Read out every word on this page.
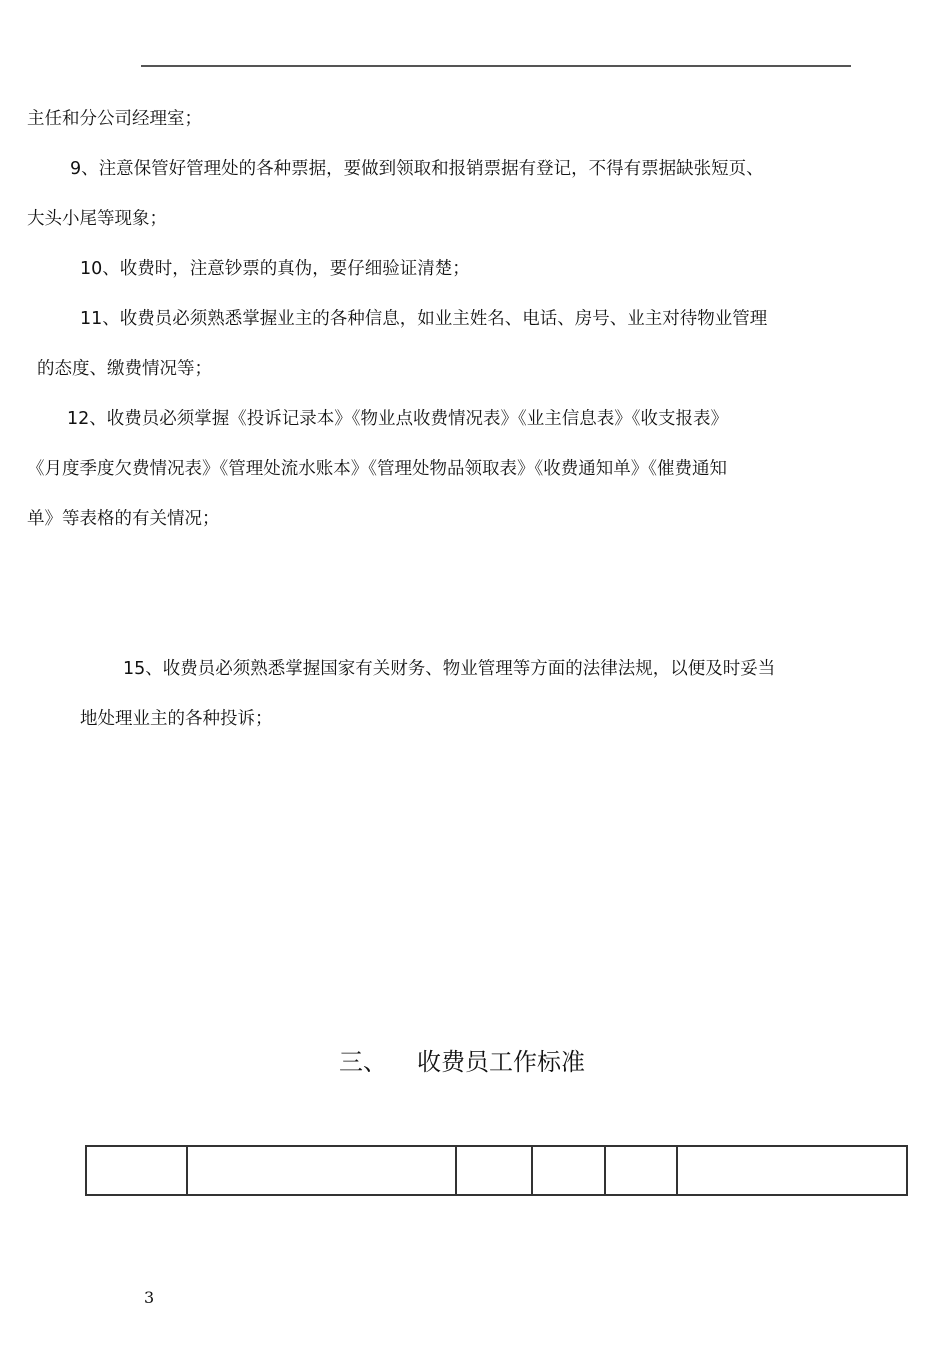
主任和分公司经理室；
9、注意保管好管理处的各种票据，要做到领取和报销票据有登记，不得有票据缺张短页、
大头小尾等现象；
10、收费时，注意钞票的真伪，要仔细验证清楚；
11、收费员必须熟悉掌握业主的各种信息，如业主姓名、电话、房号、业主对待物业管理
的态度、缴费情况等；
12、收费员必须掌握《投诉记录本》《物业点收费情况表》《业主信息表》《收支报表》
《月度季度欠费情况表》《管理处流水账本》《管理处物品领取表》《收费通知单》《催费通知
单》等表格的有关情况；
15、收费员必须熟悉掌握国家有关财务、物业管理等方面的法律法规，以便及时妥当
地处理业主的各种投诉；
三、 收费员工作标准

3
